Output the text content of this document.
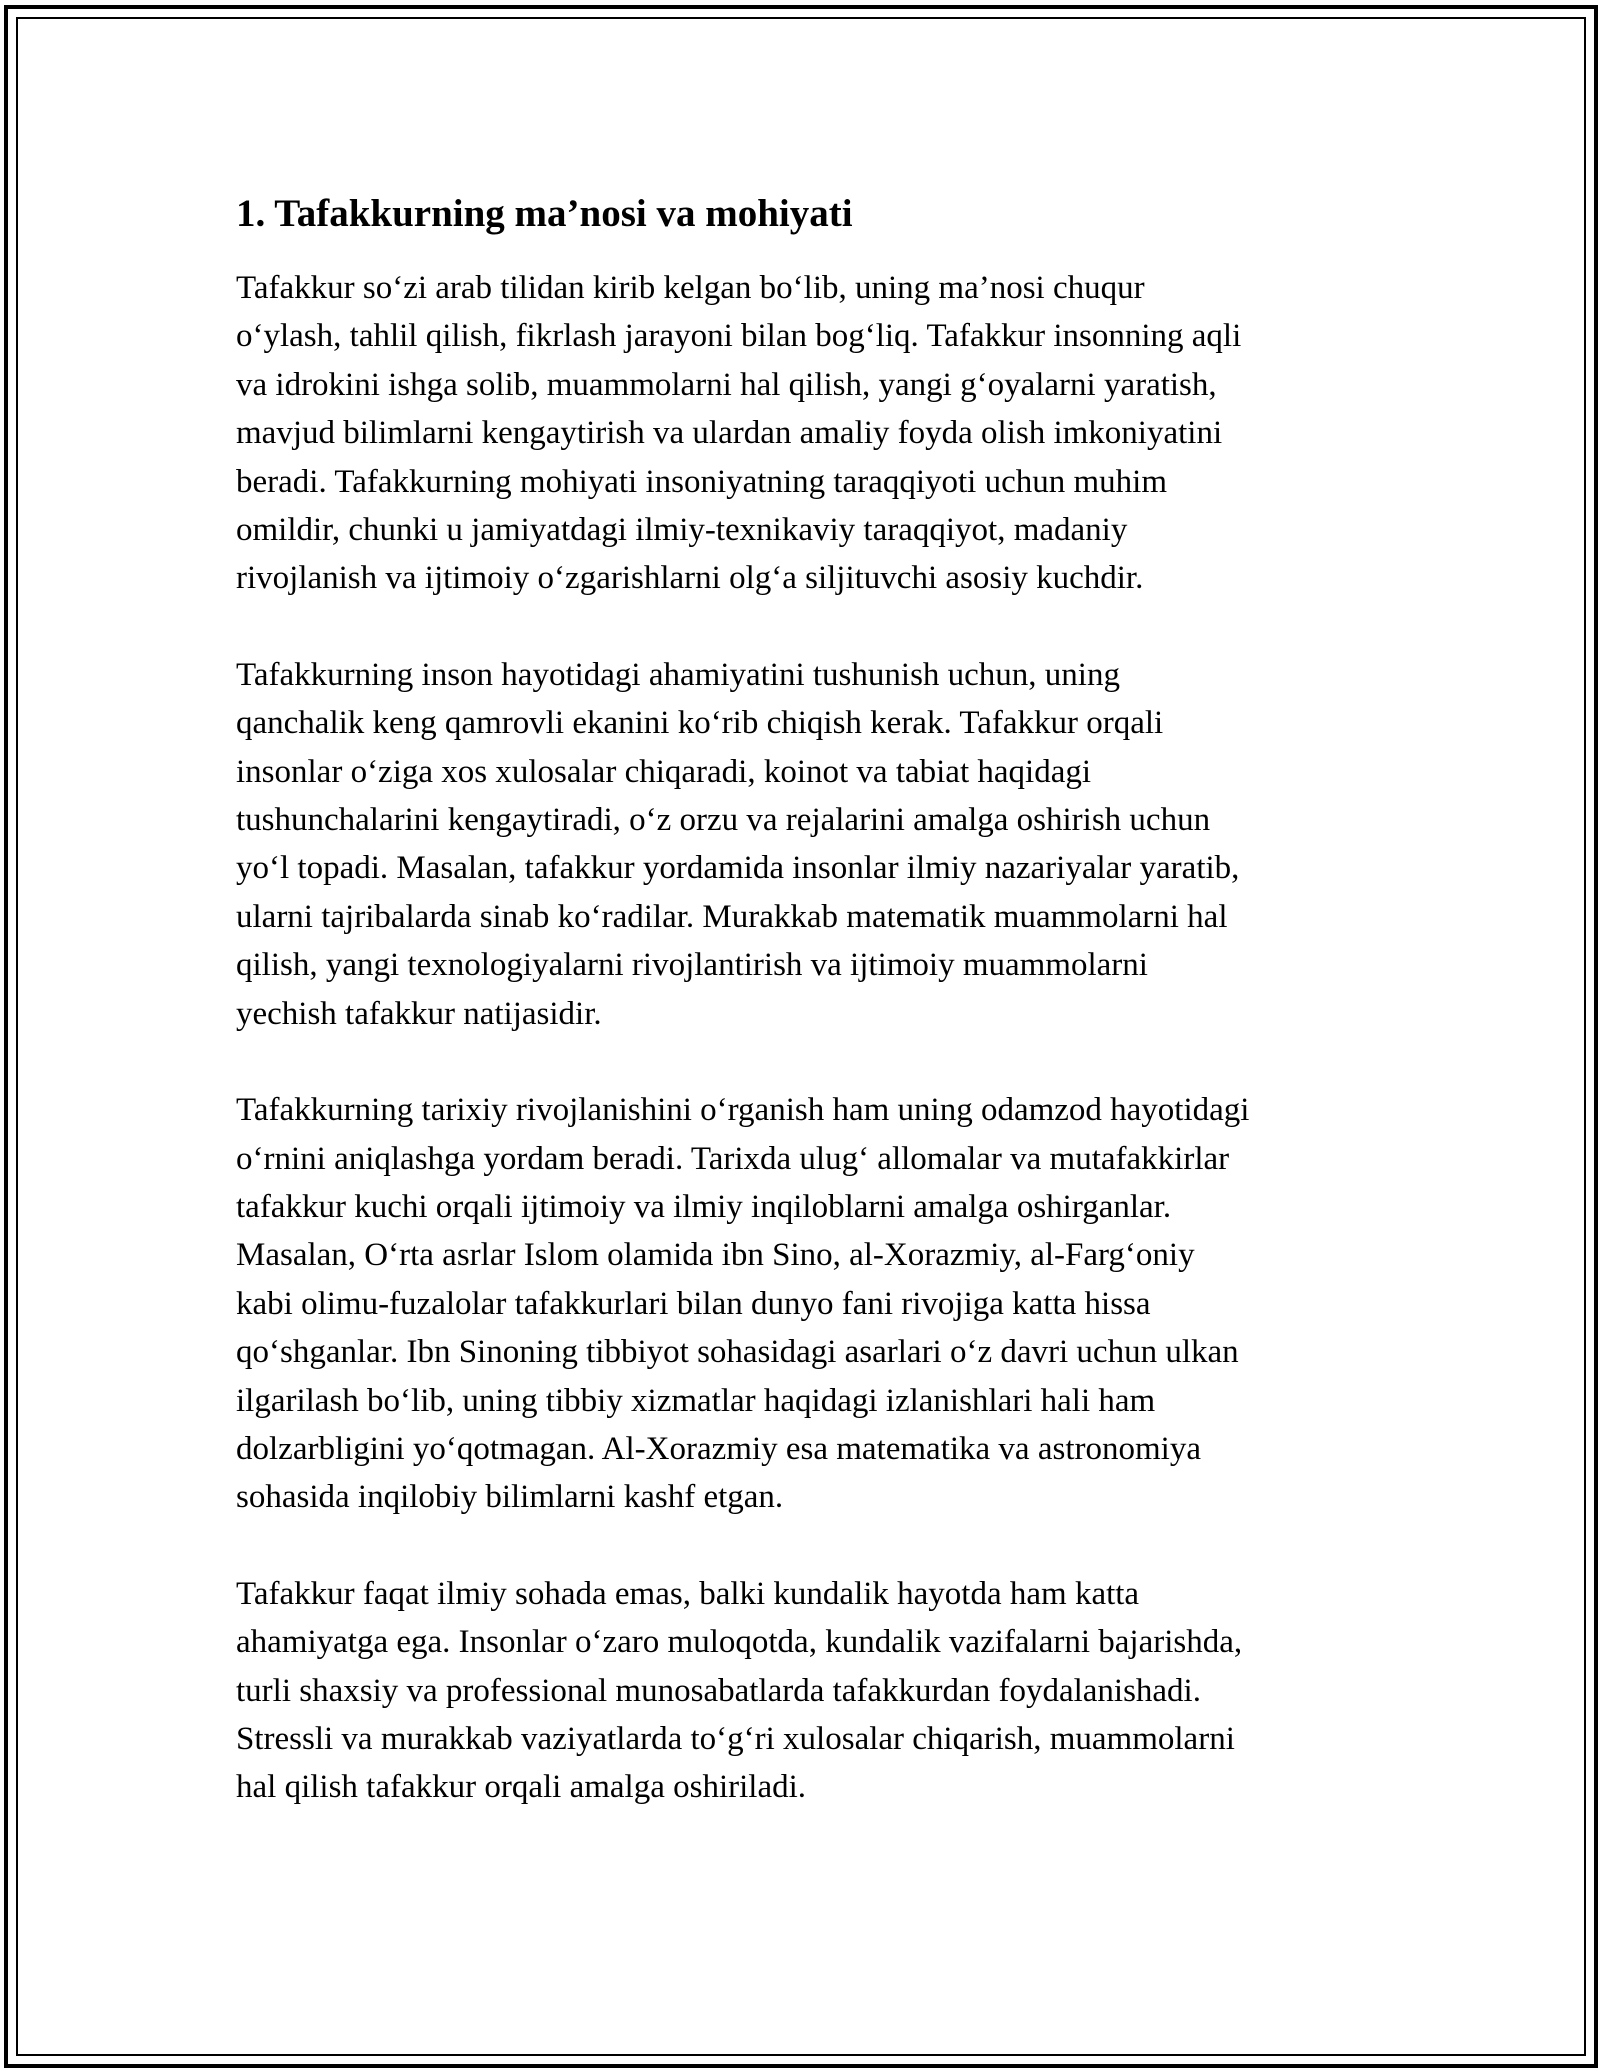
1. Tafakkurning ma’nosi va mohiyati

Tafakkur so‘zi arab tilidan kirib kelgan bo‘lib, uning ma’nosi chuqur
o‘ylash, tahlil qilish, fikrlash jarayoni bilan bog‘liq. Tafakkur insonning aqli
va idrokini ishga solib, muammolarni hal qilish, yangi g‘oyalarni yaratish,
mavjud bilimlarni kengaytirish va ulardan amaliy foyda olish imkoniyatini
beradi. Tafakkurning mohiyati insoniyatning taraqqiyoti uchun muhim
omildir, chunki u jamiyatdagi ilmiy-texnikaviy taraqqiyot, madaniy
rivojlanish va ijtimoiy o‘zgarishlarni olg‘a siljituvchi asosiy kuchdir.

Tafakkurning inson hayotidagi ahamiyatini tushunish uchun, uning
qanchalik keng qamrovli ekanini ko‘rib chiqish kerak. Tafakkur orqali
insonlar o‘ziga xos xulosalar chiqaradi, koinot va tabiat haqidagi
tushunchalarini kengaytiradi, o‘z orzu va rejalarini amalga oshirish uchun
yo‘l topadi. Masalan, tafakkur yordamida insonlar ilmiy nazariyalar yaratib,
ularni tajribalarda sinab ko‘radilar. Murakkab matematik muammolarni hal
qilish, yangi texnologiyalarni rivojlantirish va ijtimoiy muammolarni
yechish tafakkur natijasidir.

Tafakkurning tarixiy rivojlanishini o‘rganish ham uning odamzod hayotidagi
o‘rnini aniqlashga yordam beradi. Tarixda ulug‘ allomalar va mutafakkirlar
tafakkur kuchi orqali ijtimoiy va ilmiy inqiloblarni amalga oshirganlar.
Masalan, O‘rta asrlar Islom olamida ibn Sino, al-Xorazmiy, al-Farg‘oniy
kabi olimu-fuzalolar tafakkurlari bilan dunyo fani rivojiga katta hissa
qo‘shganlar. Ibn Sinoning tibbiyot sohasidagi asarlari o‘z davri uchun ulkan
ilgarilash bo‘lib, uning tibbiy xizmatlar haqidagi izlanishlari hali ham
dolzarbligini yo‘qotmagan. Al-Xorazmiy esa matematika va astronomiya
sohasida inqilobiy bilimlarni kashf etgan.

Tafakkur faqat ilmiy sohada emas, balki kundalik hayotda ham katta
ahamiyatga ega. Insonlar o‘zaro muloqotda, kundalik vazifalarni bajarishda,
turli shaxsiy va professional munosabatlarda tafakkurdan foydalanishadi.
Stressli va murakkab vaziyatlarda to‘g‘ri xulosalar chiqarish, muammolarni
hal qilish tafakkur orqali amalga oshiriladi.
